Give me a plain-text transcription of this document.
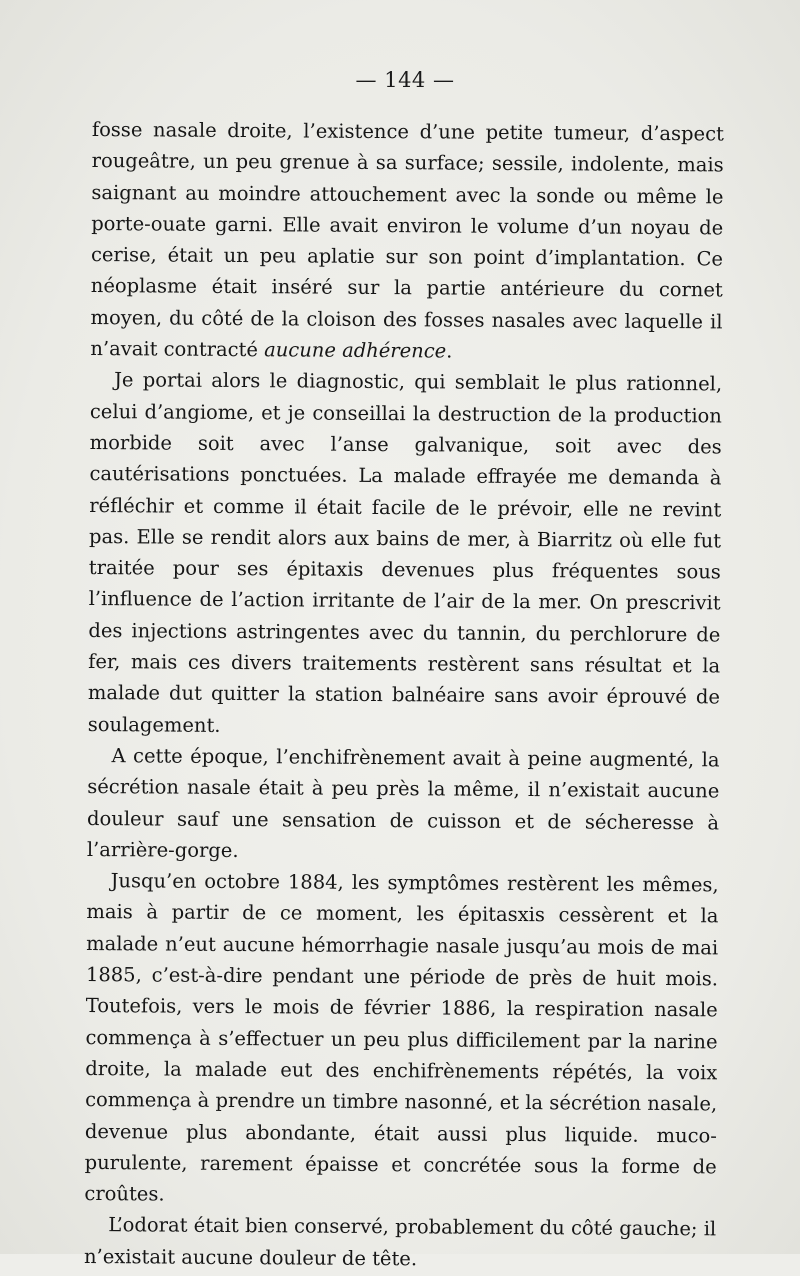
— 144 —

fosse nasale droite, l’existence d’une petite tumeur, d’aspect rougeâtre, un peu grenue à sa surface; sessile, indolente, mais saignant au moindre attouchement avec la sonde ou même le porte-ouate garni. Elle avait environ le volume d’un noyau de cerise, était un peu aplatie sur son point d’implantation. Ce néoplasme était inséré sur la partie antérieure du cornet moyen, du côté de la cloison des fosses nasales avec laquelle il n’avait contracté aucune adhérence.

Je portai alors le diagnostic, qui semblait le plus rationnel, celui d’angiome, et je conseillai la destruction de la production morbide soit avec l’anse galvanique, soit avec des cautérisations ponctuées. La malade effrayée me demanda à réfléchir et comme il était facile de le prévoir, elle ne revint pas. Elle se rendit alors aux bains de mer, à Biarritz où elle fut traitée pour ses épitaxis devenues plus fréquentes sous l’influence de l’action irritante de l’air de la mer. On prescrivit des injections astringentes avec du tannin, du perchlorure de fer, mais ces divers traitements restèrent sans résultat et la malade dut quitter la station balnéaire sans avoir éprouvé de soulagement.

A cette époque, l’enchifrènement avait à peine augmenté, la sécrétion nasale était à peu près la même, il n’existait aucune douleur sauf une sensation de cuisson et de sécheresse à l’arrière-gorge.

Jusqu’en octobre 1884, les symptômes restèrent les mêmes, mais à partir de ce moment, les épitasxis cessèrent et la malade n’eut aucune hémorrhagie nasale jusqu’au mois de mai 1885, c’est-à-dire pendant une période de près de huit mois. Toutefois, vers le mois de février 1886, la respiration nasale commença à s’effectuer un peu plus difficilement par la narine droite, la malade eut des enchifrènements répétés, la voix commença à prendre un timbre nasonné, et la sécrétion nasale, devenue plus abondante, était aussi plus liquide. muco-purulente, rarement épaisse et concrétée sous la forme de croûtes.

L’odorat était bien conservé, probablement du côté gauche; il n’existait aucune douleur de tête.
